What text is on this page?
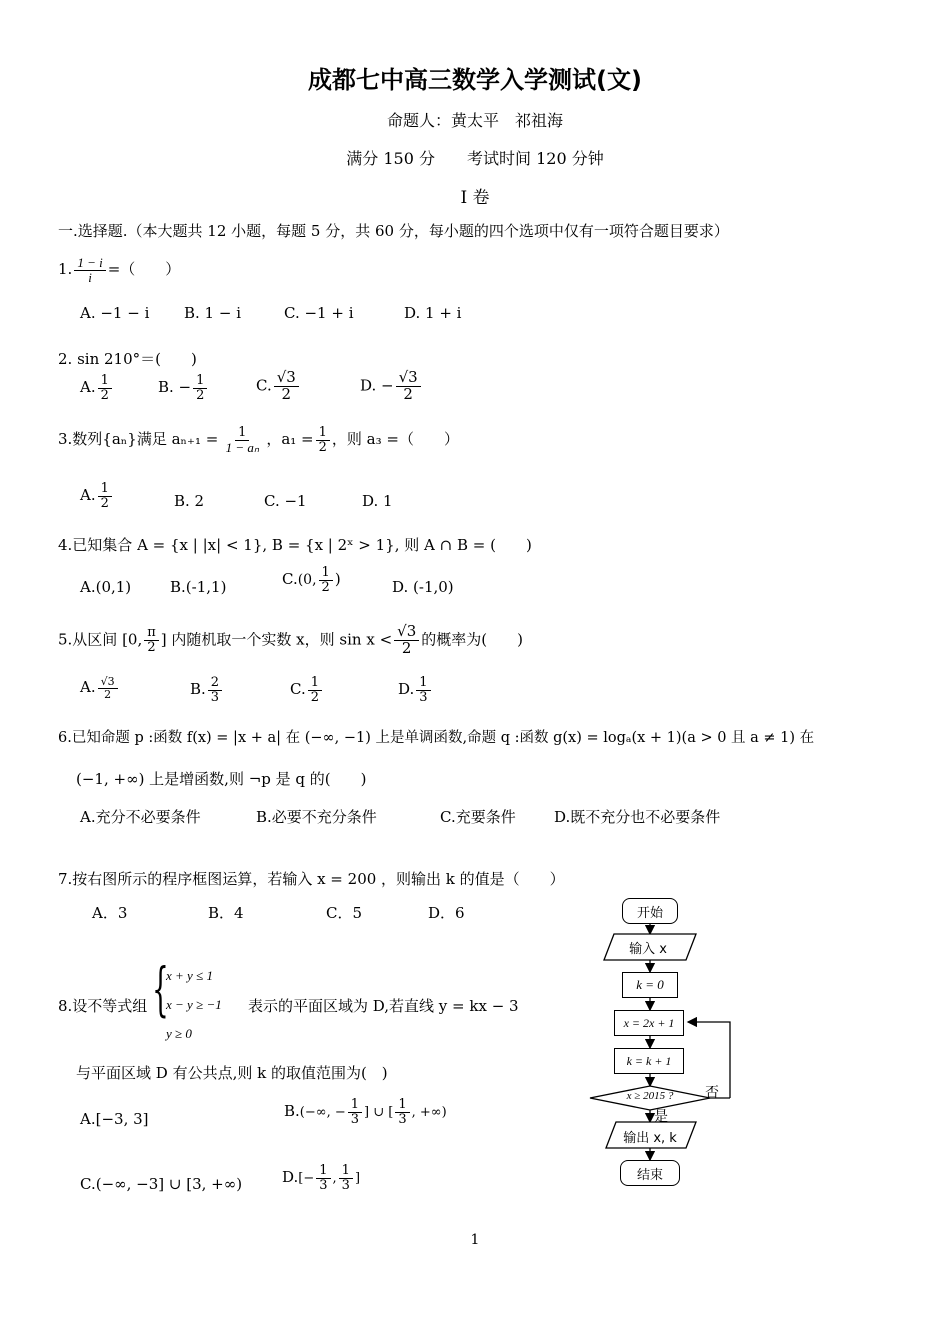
成都七中高三数学入学测试(文)
命题人：黄太平　祁祖海
满分 150 分　　考试时间 120 分钟
I 卷
一.选择题.（本大题共 12 小题，每题 5 分，共 60 分，每小题的四个选项中仅有一项符合题目要求）
1. $\frac{1 - i}{i}$ =（　　）
A. −1 − i B. 1 − i	C. −1 + i	D. 1 + i
2. sin 210°＝(　　)
A. $\frac{1}{2}$	B. − $\frac{1}{2}$	C. $\frac{√3}{2}$	D. − $\frac{√3}{2}$
3.数列{aₙ}满足 $a_{n+1} = \frac{1}{\text{1 − aₙ}}$ ，$a_1 = \frac{1}{2}$ ，则 a₃ =（　　）
A. $\frac{1}{2}$	B. 2	C. −1	D. 1
4.已知集合 A = {x | |x| < 1}, B = {x | 2ˣ > 1}, 则 A ∩ B = (　　)
A.(0,1)	B.(-1,1)	C.(0, $\frac{1}{2}$ )	D. (-1,0)
5.从区间 [0, $\frac{\pi}{2}$ ] 内随机取一个实数 x，则 $\sin x < \frac{√3}{2}$ 的概率为(　　)
A. $\frac{√3}{2}$	B. $\frac{2}{3}$	C. $\frac{1}{2}$	D. $\frac{1}{3}$
6.已知命题 p :函数 f(x) = |x + a| 在 (−∞, −1) 上是单调函数,命题 q :函数 g(x) = logₐ(x + 1)(a > 0 且 a ≠ 1) 在
(−1, +∞) 上是增函数,则 ¬p 是 q 的(　　)
A.充分不必要条件	B.必要不充分条件	C.充要条件	D.既不充分也不必要条件
7.按右图所示的程序框图运算，若输入 x = 200 ，则输出 k 的值是（　　）
A．3	B．4	C．5	D．6
8.设不等式组 {
x + y ≤ 1
x − y ≥ −1
y ≥ 0
表示的平面区域为 D,若直线 y = kx − 3
与平面区域 D 有公共点,则 k 的取值范围为(　)
A.[−3, 3]	B.(−∞, − $\frac{1}{3}$ ] ∪ [ $\frac{1}{3}$ , +∞)
C.(−∞, −3] ∪ [3, +∞)	$D.[- \frac{1}{3}$ , $\frac{1}{3}$ ]
开始
输入 x
k = 0
x = 2x + 1
k = k + 1
x ≥ 2015 ?	否
是
输出 x, k
结束
1
